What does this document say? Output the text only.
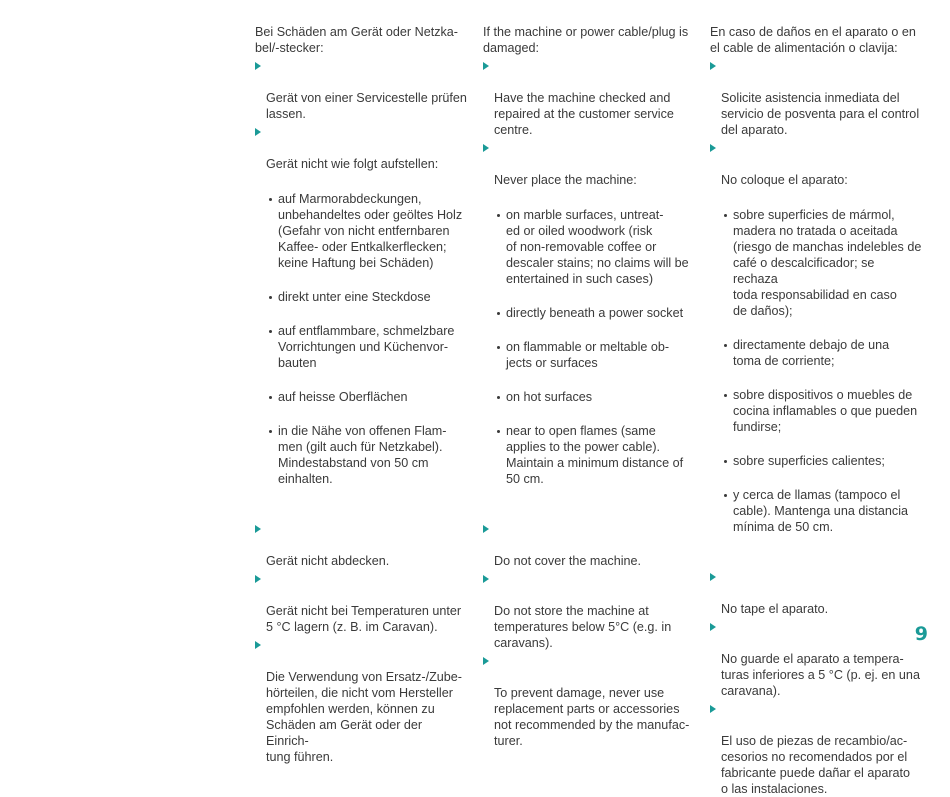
Bei Schäden am Gerät oder Netzka-
bel/-stecker:

Gerät von einer Servicestelle prüfen
lassen.

Gerät nicht wie folgt aufstellen:

auf Marmorabdeckungen,
unbehandeltes oder geöltes Holz
(Gefahr von nicht entfernbaren
Kaffee- oder Entkalkerflecken;
keine Haftung bei Schäden)

direkt unter eine Steckdose

auf entflammbare, schmelzbare
Vorrichtungen und Küchenvor-
bauten

auf heisse Oberflächen

in die Nähe von offenen Flam-
men (gilt auch für Netzkabel).
Mindestabstand von 50 cm
einhalten.

Gerät nicht abdecken.

Gerät nicht bei Temperaturen unter
5 °C lagern (z. B. im Caravan).

Die Verwendung von Ersatz-/Zube-
hörteilen, die nicht vom Hersteller
empfohlen werden, können zu
Schäden am Gerät oder der Einrich-
tung führen.

If the machine or power cable/plug is
damaged:

Have the machine checked and
repaired at the customer service
centre.

Never place the machine:

on marble surfaces, untreat-
ed or oiled woodwork (risk
of non-removable coffee or
descaler stains; no claims will be
entertained in such cases)

directly beneath a power socket

on flammable or meltable ob-
jects or surfaces

on hot surfaces

near to open flames (same
applies to the power cable).
Maintain a minimum distance of
50 cm.

Do not cover the machine.

Do not store the machine at
temperatures below 5°C (e.g. in
caravans).

To prevent damage, never use
replacement parts or accessories
not recommended by the manufac-
turer.

En caso de daños en el aparato o en
el cable de alimentación o clavija:

Solicite asistencia inmediata del
servicio de posventa para el control
del aparato.

No coloque el aparato:

sobre superficies de mármol,
madera no tratada o aceitada
(riesgo de manchas indelebles de
café o descalcificador; se rechaza
toda responsabilidad en caso
de daños);

directamente debajo de una
toma de corriente;

sobre dispositivos o muebles de
cocina inflamables o que pueden
fundirse;

sobre superficies calientes;

y cerca de llamas (tampoco el
cable). Mantenga una distancia
mínima de 50 cm.

No tape el aparato.

No guarde el aparato a tempera-
turas inferiores a 5 °C (p. ej. en una
caravana).

El uso de piezas de recambio/ac-
cesorios no recomendados por el
fabricante puede dañar el aparato
o las instalaciones.

9
